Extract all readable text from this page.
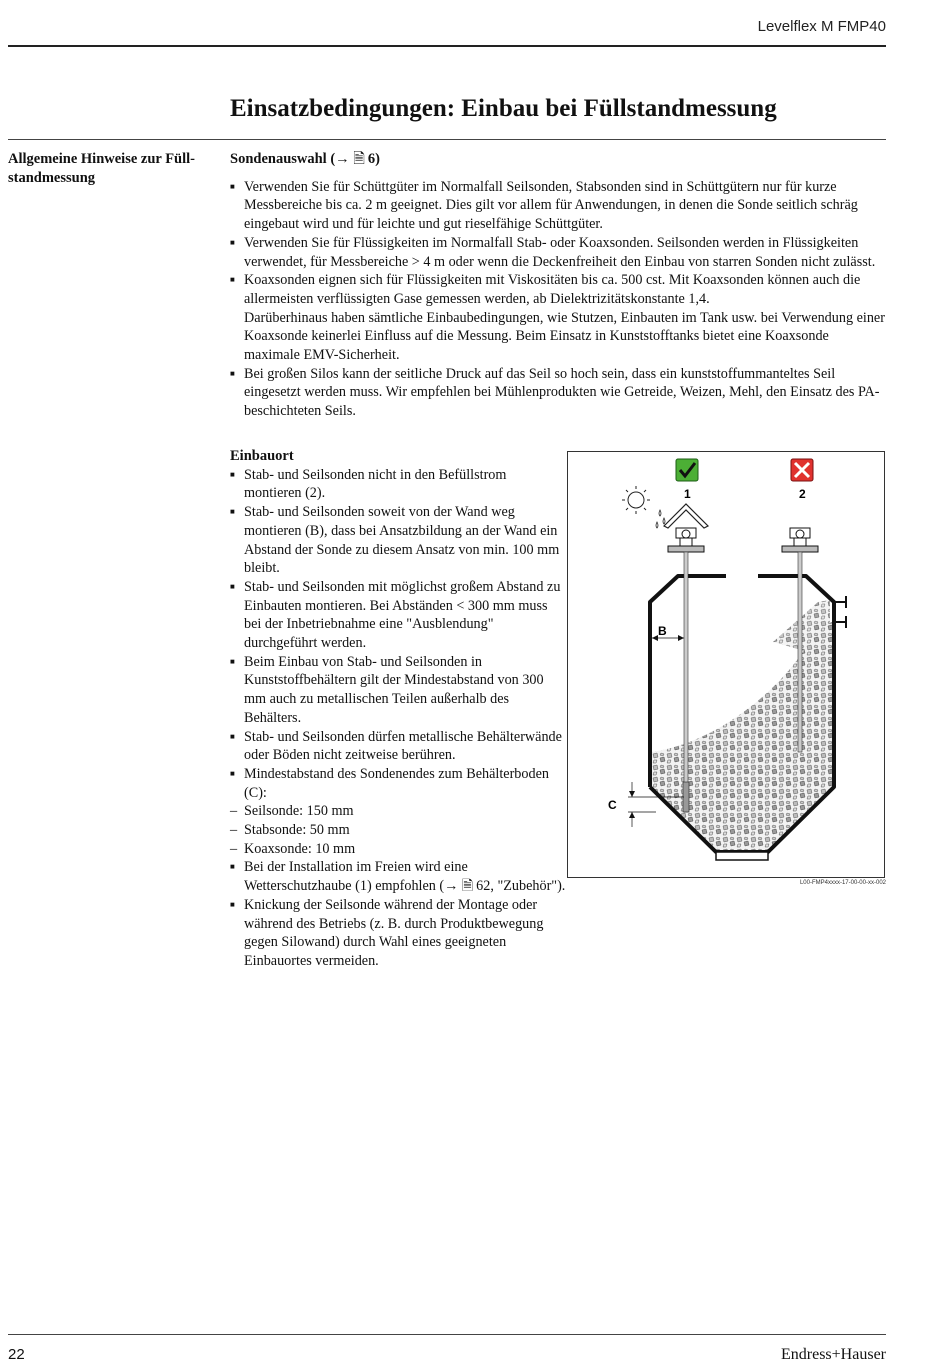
Levelflex M FMP40
Einsatzbedingungen: Einbau bei Füllstandmessung
Allgemeine Hinweise zur Füll-
standmessung
Sondenauswahl (→ 🗎  6)
■ Verwenden Sie für Schüttgüter im Normalfall Seilsonden, Stabsonden sind in Schüttgütern nur für kurze Messbereiche bis ca. 2 m geeignet. Dies gilt vor allem für Anwendungen, in denen die Sonde seitlich schräg eingebaut wird und für leichte und gut rieselfähige Schüttgüter.
■ Verwenden Sie für Flüssigkeiten im Normalfall Stab- oder Koaxsonden. Seilsonden werden in Flüssigkeiten verwendet, für Messbereiche > 4 m oder wenn die Deckenfreiheit den Einbau von starren Sonden nicht zulässt.
■ Koaxsonden eignen sich für Flüssigkeiten mit Viskositäten bis ca. 500 cst. Mit Koaxsonden können auch die allermeisten verflüssigten Gase gemessen werden, ab Dielektrizitätskonstante 1,4.
Darüberhinaus haben sämtliche Einbaubedingungen, wie Stutzen, Einbauten im Tank usw. bei Verwendung einer Koaxsonde keinerlei Einfluss auf die Messung. Beim Einsatz in Kunststofftanks bietet eine Koaxsonde maximale EMV-Sicherheit.
■ Bei großen Silos kann der seitliche Druck auf das Seil so hoch sein, dass ein kunststoffummanteltes Seil eingesetzt werden muss. Wir empfehlen bei Mühlenprodukten wie Getreide, Weizen, Mehl, den Einsatz des PA-beschichteten Seils.
Einbauort
■ Stab- und Seilsonden nicht in den Befüllstrom montieren (2).
■ Stab- und Seilsonden soweit von der Wand weg montieren (B), dass bei Ansatzbildung an der Wand ein Abstand der Sonde zu diesem Ansatz von min. 100 mm bleibt.
■ Stab- und Seilsonden mit möglichst großem Abstand zu Einbauten montieren. Bei Abständen < 300 mm muss bei der Inbetriebnahme eine "Ausblendung" durchgeführt werden.
■ Beim Einbau von Stab- und Seilsonden in Kunststoffbehältern gilt der Mindestabstand von 300 mm auch zu metallischen Teilen außerhalb des Behälters.
■ Stab- und Seilsonden dürfen metallische Behälterwände oder Böden nicht zeitweise berühren.
■ Mindestabstand des Sondenendes zum Behälterboden (C):
– Seilsonde: 150 mm
– Stabsonde: 50 mm
– Koaxsonde: 10 mm
■ Bei der Installation im Freien wird eine Wetterschutzhaube (1) empfohlen (→ 🗎  62, "Zubehör").
■ Knickung der Seilsonde während der Montage oder während des Betriebs (z. B. durch Produktbewegung gegen Silowand) durch Wahl eines geeigneten Einbauortes vermeiden.
1	2
B
C
L00-FMP4xxxx-17-00-00-xx-002
22	Endress+Hauser
